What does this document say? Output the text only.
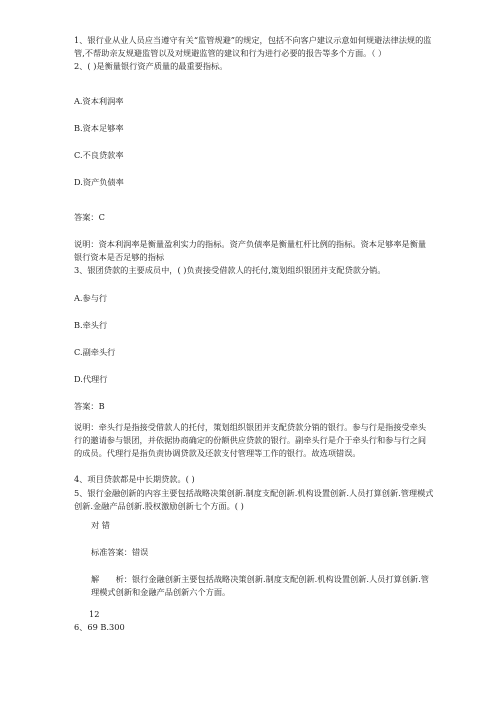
1、银行业从业人员应当遵守有关“监管规避”的规定，包括不向客户建议示意如何规避法律法规的监管,不帮助亲友规避监管以及对规避监管的建议和行为进行必要的报告等多个方面。（ ）
2、( )是衡量银行资产质量的最重要指标。
A.资本利润率
B.资本足够率
C.不良贷款率
D.资产负债率
答案：C
说明：资本利润率是衡量盈利实力的指标。资产负债率是衡量杠杆比例的指标。资本足够率是衡量银行资本是否足够的指标
3、银团贷款的主要成员中，( )负责接受借款人的托付,策划组织银团并支配贷款分销。
A.参与行
B.牵头行
C.副牵头行
D.代理行
答案：B
说明：牵头行是指接受借款人的托付，策划组织银团并支配贷款分销的银行。参与行是指接受牵头行的邀请参与银团，并依据协商确定的份额供应贷款的银行。副牵头行是介于牵头行和参与行之间的成员。代理行是指负责协调贷款及还款支付管理等工作的银行。故选项错误。
4、项目贷款都是中长期贷款。( )
5、银行金融创新的内容主要包括战略决策创新.制度支配创新.机构设置创新.人员打算创新.管理模式创新.金融产品创新.股权激励创新七个方面。( )
对 错
标准答案：错误
解　　析：银行金融创新主要包括战略决策创新.制度支配创新.机构设置创新.人员打算创新.管理模式创新和金融产品创新六个方面。
12
6、69 B.300
